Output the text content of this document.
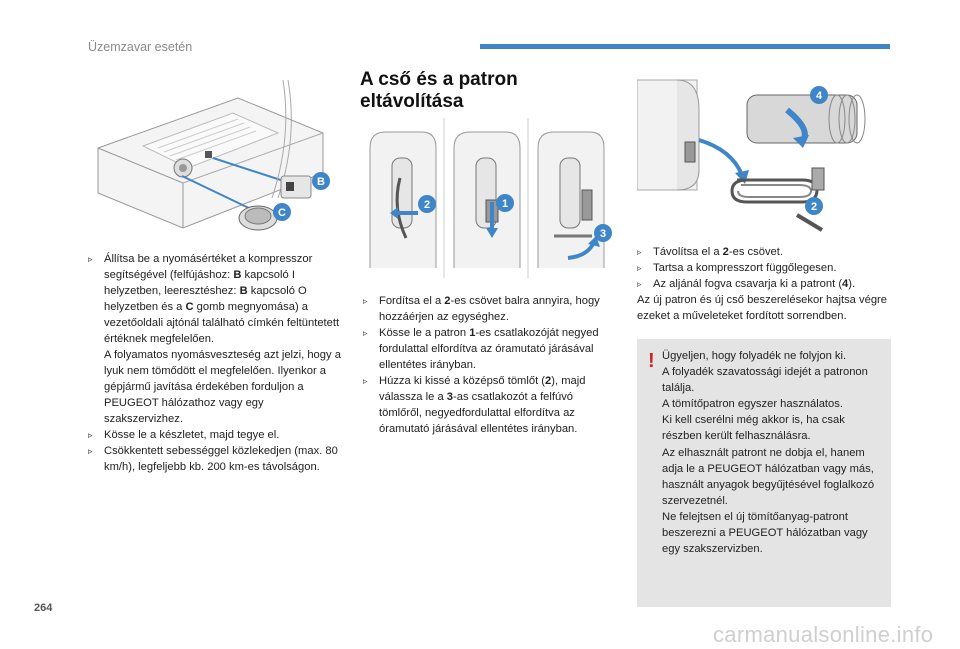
Üzemzavar esetén
B
C
A cső és a patron eltávolítása
2	1
3
4
2
▹ Állítsa be a nyomásértéket a kompresszor segítségével (felfújáshoz: B kapcsoló I helyzetben, leeresztéshez: B kapcsoló O helyzetben és a C gomb megnyomása) a vezetőoldali ajtónál található címkén feltüntetett értéknek megfelelően.
A folyamatos nyomásveszteség azt jelzi, hogy a lyuk nem tömődött el megfelelően. Ilyenkor a gépjármű javítása érdekében forduljon a PEUGEOT hálózathoz vagy egy szakszervizhez.
▹ Kösse le a készletet, majd tegye el.
▹ Csökkentett sebességgel közlekedjen (max. 80 km/h), legfeljebb kb. 200 km-es távolságon.
▹ Fordítsa el a 2-es csövet balra annyira, hogy hozzáérjen az egységhez.
▹ Kösse le a patron 1-es csatlakozóját negyed fordulattal elfordítva az óramutató járásával ellentétes irányban.
▹ Húzza ki kissé a középső tömlőt (2), majd válassza le a 3-as csatlakozót a felfúvó tömlőről, negyedfordulattal elfordítva az óramutató járásával ellentétes irányban.
▹ Távolítsa el a 2-es csövet.
▹ Tartsa a kompresszort függőlegesen.
▹ Az aljánál fogva csavarja ki a patront (4).
Az új patron és új cső beszerelésekor hajtsa végre ezeket a műveleteket fordított sorrendben.
! Ügyeljen, hogy folyadék ne folyjon ki.
A folyadék szavatossági idejét a patronon találja.
A tömítőpatron egyszer használatos.
Ki kell cserélni még akkor is, ha csak részben került felhasználásra.
Az elhasznált patront ne dobja el, hanem adja le a PEUGEOT hálózatban vagy más, használt anyagok begyűjtésével foglalkozó szervezetnél.
Ne felejtsen el új tömítőanyag-patront beszerezni a PEUGEOT hálózatban vagy egy szakszervizben.
264
carmanualsonline.info
